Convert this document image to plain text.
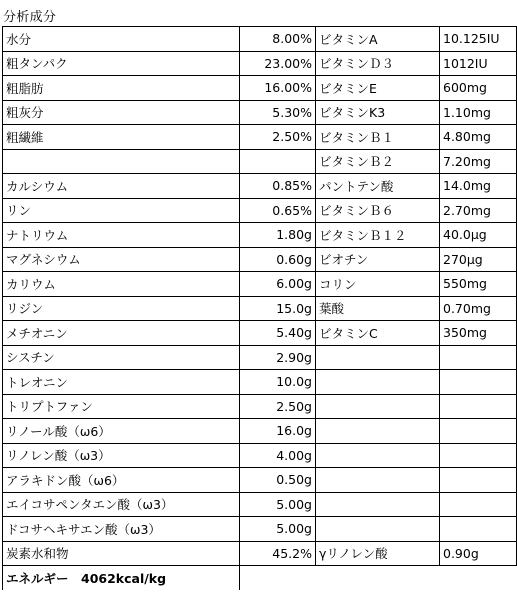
分析成分
水分	8.00%	ビタミンA	10.125IU
粗タンパク	23.00%	ビタミンＤ３	1012IU
粗脂肪	16.00%	ビタミンE	600mg
粗灰分	5.30%	ビタミンK3	1.10mg
粗繊維	2.50%	ビタミンＢ１	4.80mg
		ビタミンＢ２	7.20mg
カルシウム	0.85%	パントテン酸	14.0mg
リン	0.65%	ビタミンＢ６	2.70mg
ナトリウム	1.80g	ビタミンＢ１２	40.0μg
マグネシウム	0.60g	ビオチン	270μg
カリウム	6.00g	コリン	550mg
リジン	15.0g	葉酸	0.70mg
メチオニン	5.40g	ビタミンC	350mg
シスチン	2.90g		
トレオニン	10.0g		
トリプトファン	2.50g		
リノール酸（ω6）	16.0g		
リノレン酸（ω3）	4.00g		
アラキドン酸（ω6）	0.50g		
エイコサペンタエン酸（ω3）	5.00g		
ドコサヘキサエン酸（ω3）	5.00g		
炭素水和物	45.2%	γリノレン酸	0.90g
エネルギー　4062kcal/kg			
